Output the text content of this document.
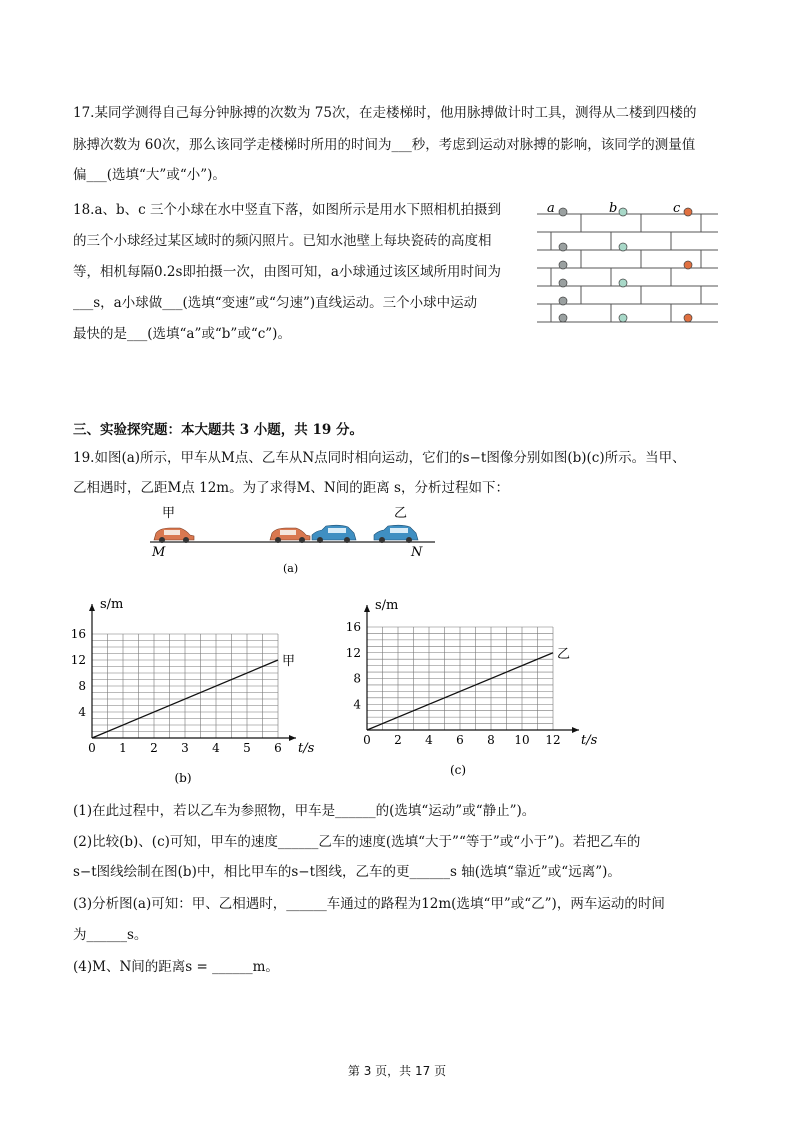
17.某同学测得自己每分钟脉搏的次数为 75次，在走楼梯时，他用脉搏做计时工具，测得从二楼到四楼的
脉搏次数为 60次，那么该同学走楼梯时所用的时间为___秒，考虑到运动对脉搏的影响，该同学的测量值
偏___(选填“大”或“小”)。
18.a、b、c 三个小球在水中竖直下落，如图所示是用水下照相机拍摄到
的三个小球经过某区域时的频闪照片。已知水池壁上每块瓷砖的高度相
等，相机每隔0.2s即拍摄一次，由图可知，a小球通过该区域所用时间为
___s，a小球做___(选填“变速”或“匀速”)直线运动。三个小球中运动
最快的是___(选填“a”或“b”或“c”)。
a	b	c
三、实验探究题：本大题共 3 小题，共 19 分。
19.如图(a)所示，甲车从M点、乙车从N点同时相向运动，它们的s−t图像分别如图(b)(c)所示。当甲、
乙相遇时，乙距M点 12m。为了求得M、N间的距离 s，分析过程如下：
甲	乙
M	N
(a)
0 1 2 3 4 5 6
4
8
12
16
s/m
t/s
甲
(b)
0 2 4 6 8 10 12
4
8
12
16
s/m
t/s
乙
(c)
(1)在此过程中，若以乙车为参照物，甲车是______的(选填“运动”或“静止”)。
(2)比较(b)、(c)可知，甲车的速度______乙车的速度(选填“大于”“等于”或“小于”)。若把乙车的
s−t图线绘制在图(b)中，相比甲车的s−t图线，乙车的更______s 轴(选填“靠近”或“远离”)。
(3)分析图(a)可知：甲、乙相遇时，______车通过的路程为12m(选填“甲”或“乙”)，两车运动的时间
为______s。
(4)M、N间的距离s = ______m。
第 3 页，共 17 页
